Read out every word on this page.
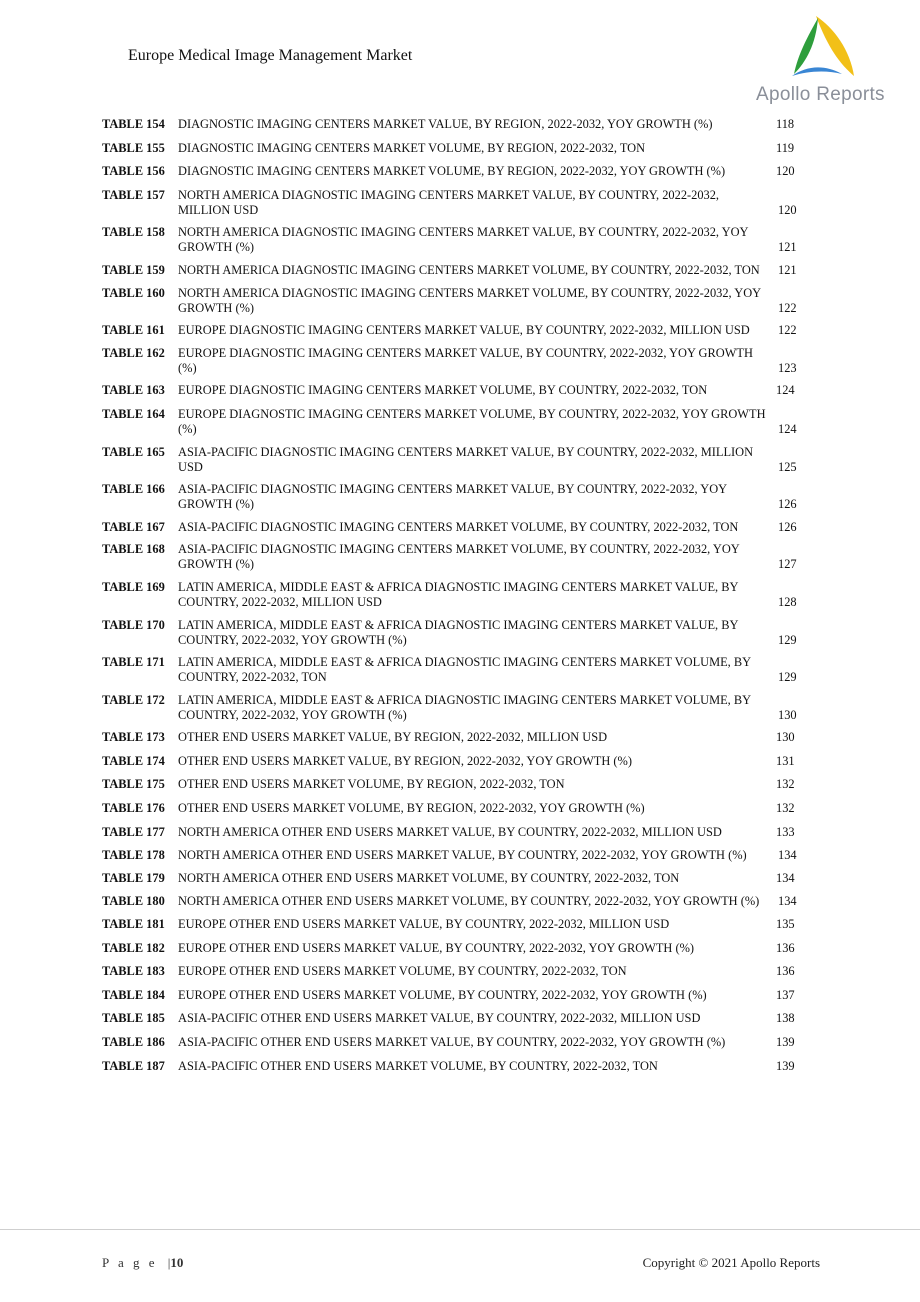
Europe Medical Image Management Market
Apollo Reports
TABLE 154	DIAGNOSTIC IMAGING CENTERS MARKET VALUE, BY REGION, 2022-2032, YOY GROWTH (%)	118
TABLE 155	DIAGNOSTIC IMAGING CENTERS MARKET VOLUME, BY REGION, 2022-2032, TON	119
TABLE 156	DIAGNOSTIC IMAGING CENTERS MARKET VOLUME, BY REGION, 2022-2032, YOY GROWTH (%)	120
TABLE 157	NORTH AMERICA DIAGNOSTIC IMAGING CENTERS MARKET VALUE, BY COUNTRY, 2022-2032, MILLION USD	120
TABLE 158	NORTH AMERICA DIAGNOSTIC IMAGING CENTERS MARKET VALUE, BY COUNTRY, 2022-2032, YOY GROWTH (%)	121
TABLE 159	NORTH AMERICA DIAGNOSTIC IMAGING CENTERS MARKET VOLUME, BY COUNTRY, 2022-2032, TON	121
TABLE 160	NORTH AMERICA DIAGNOSTIC IMAGING CENTERS MARKET VOLUME, BY COUNTRY, 2022-2032, YOY GROWTH (%)	122
TABLE 161	EUROPE DIAGNOSTIC IMAGING CENTERS MARKET VALUE, BY COUNTRY, 2022-2032, MILLION USD	122
TABLE 162	EUROPE DIAGNOSTIC IMAGING CENTERS MARKET VALUE, BY COUNTRY, 2022-2032, YOY GROWTH (%)	123
TABLE 163	EUROPE DIAGNOSTIC IMAGING CENTERS MARKET VOLUME, BY COUNTRY, 2022-2032, TON	124
TABLE 164	EUROPE DIAGNOSTIC IMAGING CENTERS MARKET VOLUME, BY COUNTRY, 2022-2032, YOY GROWTH (%)	124
TABLE 165	ASIA-PACIFIC DIAGNOSTIC IMAGING CENTERS MARKET VALUE, BY COUNTRY, 2022-2032, MILLION USD	125
TABLE 166	ASIA-PACIFIC DIAGNOSTIC IMAGING CENTERS MARKET VALUE, BY COUNTRY, 2022-2032, YOY GROWTH (%)	126
TABLE 167	ASIA-PACIFIC DIAGNOSTIC IMAGING CENTERS MARKET VOLUME, BY COUNTRY, 2022-2032, TON	126
TABLE 168	ASIA-PACIFIC DIAGNOSTIC IMAGING CENTERS MARKET VOLUME, BY COUNTRY, 2022-2032, YOY GROWTH (%)	127
TABLE 169	LATIN AMERICA, MIDDLE EAST & AFRICA DIAGNOSTIC IMAGING CENTERS MARKET VALUE, BY COUNTRY, 2022-2032, MILLION USD	128
TABLE 170	LATIN AMERICA, MIDDLE EAST & AFRICA DIAGNOSTIC IMAGING CENTERS MARKET VALUE, BY COUNTRY, 2022-2032, YOY GROWTH (%)	129
TABLE 171	LATIN AMERICA, MIDDLE EAST & AFRICA DIAGNOSTIC IMAGING CENTERS MARKET VOLUME, BY COUNTRY, 2022-2032, TON	129
TABLE 172	LATIN AMERICA, MIDDLE EAST & AFRICA DIAGNOSTIC IMAGING CENTERS MARKET VOLUME, BY COUNTRY, 2022-2032, YOY GROWTH (%)	130
TABLE 173	OTHER END USERS MARKET VALUE, BY REGION, 2022-2032, MILLION USD	130
TABLE 174	OTHER END USERS MARKET VALUE, BY REGION, 2022-2032, YOY GROWTH (%)	131
TABLE 175	OTHER END USERS MARKET VOLUME, BY REGION, 2022-2032, TON	132
TABLE 176	OTHER END USERS MARKET VOLUME, BY REGION, 2022-2032, YOY GROWTH (%)	132
TABLE 177	NORTH AMERICA OTHER END USERS MARKET VALUE, BY COUNTRY, 2022-2032, MILLION USD	133
TABLE 178	NORTH AMERICA OTHER END USERS MARKET VALUE, BY COUNTRY, 2022-2032, YOY GROWTH (%)	134
TABLE 179	NORTH AMERICA OTHER END USERS MARKET VOLUME, BY COUNTRY, 2022-2032, TON	134
TABLE 180	NORTH AMERICA OTHER END USERS MARKET VOLUME, BY COUNTRY, 2022-2032, YOY GROWTH (%)	134
TABLE 181	EUROPE OTHER END USERS MARKET VALUE, BY COUNTRY, 2022-2032, MILLION USD	135
TABLE 182	EUROPE OTHER END USERS MARKET VALUE, BY COUNTRY, 2022-2032, YOY GROWTH (%)	136
TABLE 183	EUROPE OTHER END USERS MARKET VOLUME, BY COUNTRY, 2022-2032, TON	136
TABLE 184	EUROPE OTHER END USERS MARKET VOLUME, BY COUNTRY, 2022-2032, YOY GROWTH (%)	137
TABLE 185	ASIA-PACIFIC OTHER END USERS MARKET VALUE, BY COUNTRY, 2022-2032, MILLION USD	138
TABLE 186	ASIA-PACIFIC OTHER END USERS MARKET VALUE, BY COUNTRY, 2022-2032, YOY GROWTH (%)	139
TABLE 187	ASIA-PACIFIC OTHER END USERS MARKET VOLUME, BY COUNTRY, 2022-2032, TON	139
P a g e |10	Copyright © 2021 Apollo Reports
